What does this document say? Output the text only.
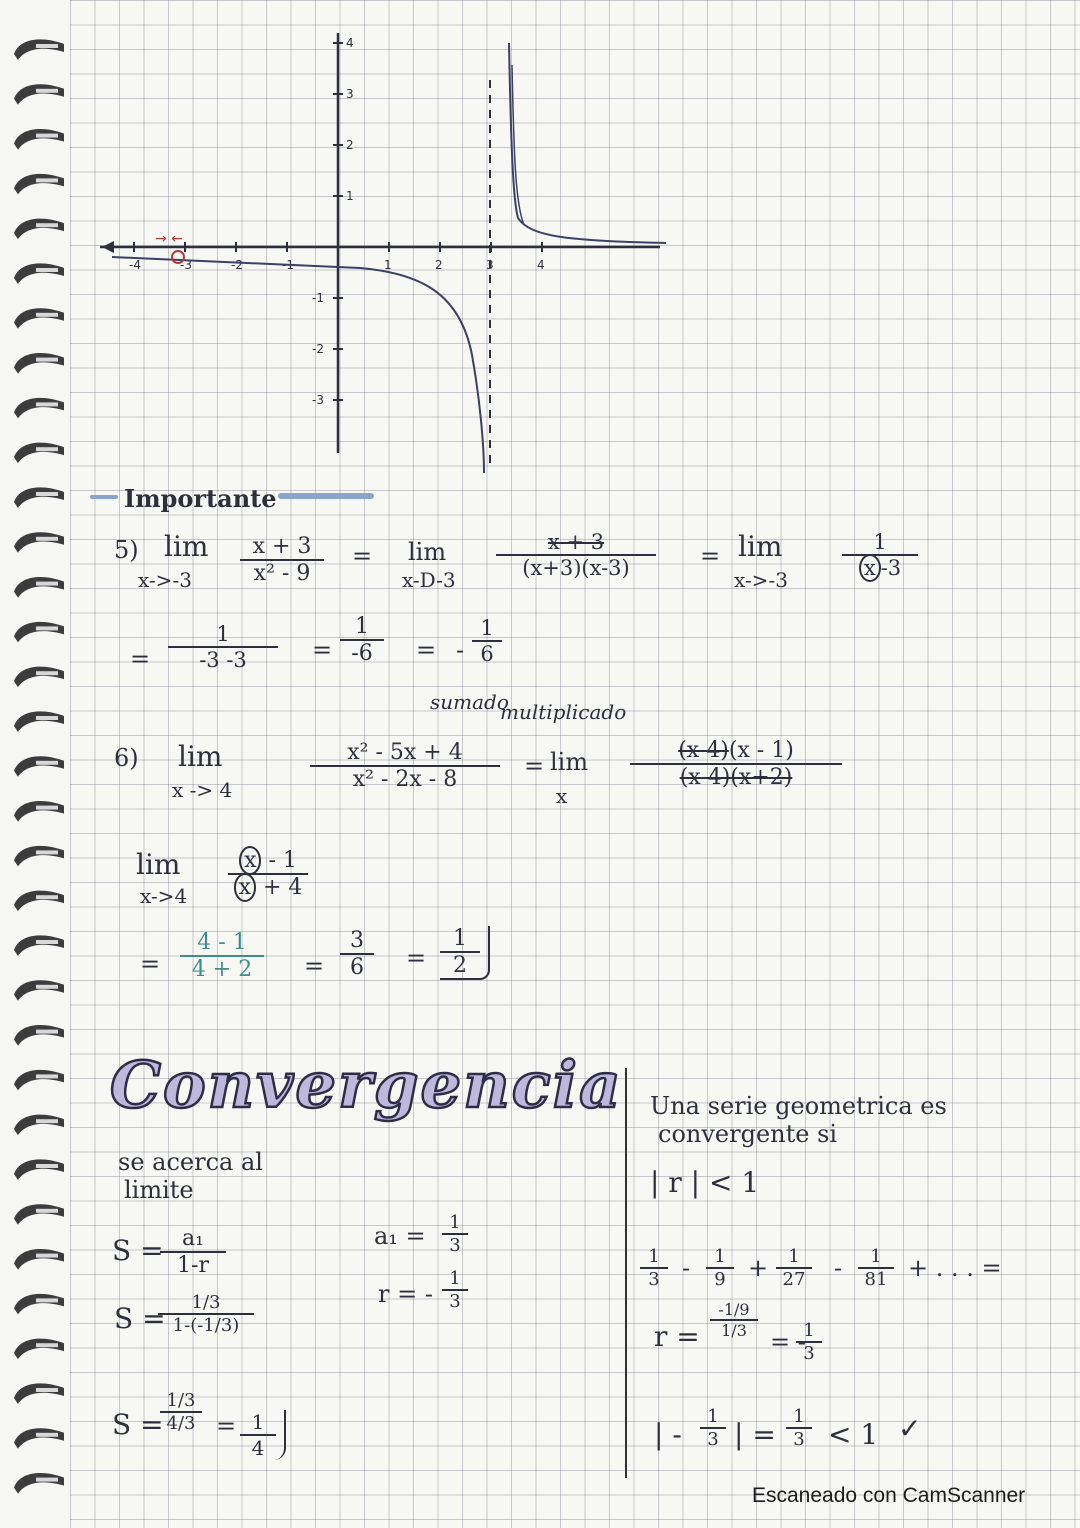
-4	-3	-2	-1	1	2	3	4
4
3
2
1
-1
-2
-3
→ ←
Importante
5) lim
$x->-3 \frac{x + 3}{\text{x² - 9}} = \lim$
$x-D-3 \frac{x + 3}{(x+3)(x-3)} = \lim$
x->-3	$\frac{1}{x -3}$
= $\frac{1}{-3 -3} = \frac{1}{-6}$ = - $\frac{1}{6}$
sumado
multiplicado
6) lim
x -> 4	$\frac{\text{x² - 5x + 4}}{\text{x² - 2x - 8}} = \lim$
x
$\frac{(x-4)(x - 1)}{(x-4)(x+2)}$
lim
$x->4 \frac{x - 1}{x + 4}$
= $\frac{4 - 1}{4 + 2} = \frac{3}{6} = \frac{1}{2}$
Convergencia
se acerca al
limite
S =
$\frac{\text{a₁}}{1-r}$
S =
$\frac{1/3}{1-(-1/3)}$
S =
$\frac{1/3}{4/3} = \frac{1}{4}$
$a_1 = \frac{1}{3}$
r = - $\frac{1}{3}$
Una serie geometrica es
convergente si
| r | < 1
$\frac{1}{3} - \frac{1}{9} + \frac{1}{27} - \frac{1}{81}$ + . . . =
$r = \frac{-1/9}{1/3}$
= -
$\frac{1}{3}$
| - $\frac{1}{3}$ | = $\frac{1}{3} < 1$ ✓
Escaneado con CamScanner
